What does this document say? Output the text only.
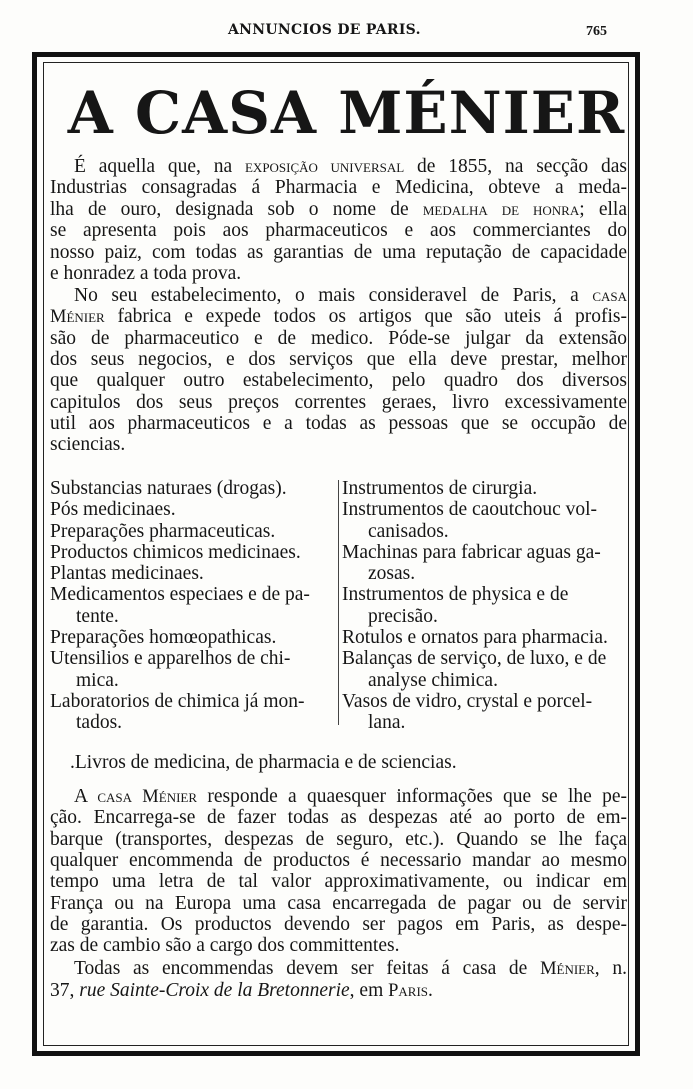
ANNUNCIOS DE PARIS.	765
A CASA MÉNIER
É aquella que, na exposição universal de 1855, na secção das
Industrias consagradas á Pharmacia e Medicina, obteve a meda-
lha de ouro, designada sob o nome de medalha de honra; ella
se apresenta pois aos pharmaceuticos e aos commerciantes do
nosso paiz, com todas as garantias de uma reputação de capacidade
e honradez a toda prova.
No seu estabelecimento, o mais consideravel de Paris, a casa
Ménier fabrica e expede todos os artigos que são uteis á profis-
são de pharmaceutico e de medico. Póde-se julgar da extensão
dos seus negocios, e dos serviços que ella deve prestar, melhor
que qualquer outro estabelecimento, pelo quadro dos diversos
capitulos dos seus preços correntes geraes, livro excessivamente
util aos pharmaceuticos e a todas as pessoas que se occupão de
sciencias.
Substancias naturaes (drogas).
Pós medicinaes.
Preparações pharmaceuticas.
Productos chimicos medicinaes.
Plantas medicinaes.
Medicamentos especiaes e de pa-
tente.
Preparações homœopathicas.
Utensilios e apparelhos de chi-
mica.
Laboratorios de chimica já mon-
tados.
Instrumentos de cirurgia.
Instrumentos de caoutchouc vol-
canisados.
Machinas para fabricar aguas ga-
zosas.
Instrumentos de physica e de
precisão.
Rotulos e ornatos para pharmacia.
Balanças de serviço, de luxo, e de
analyse chimica.
Vasos de vidro, crystal e porcel-
lana.
.Livros de medicina, de pharmacia e de sciencias.
A casa Ménier responde a quaesquer informações que se lhe pe-
ção. Encarrega-se de fazer todas as despezas até ao porto de em-
barque (transportes, despezas de seguro, etc.). Quando se lhe faça
qualquer encommenda de productos é necessario mandar ao mesmo
tempo uma letra de tal valor approximativamente, ou indicar em
França ou na Europa uma casa encarregada de pagar ou de servir
de garantia. Os productos devendo ser pagos em Paris, as despe-
zas de cambio são a cargo dos committentes.
Todas as encommendas devem ser feitas á casa de Ménier, n.
37, rue Sainte-Croix de la Bretonnerie, em Paris.
